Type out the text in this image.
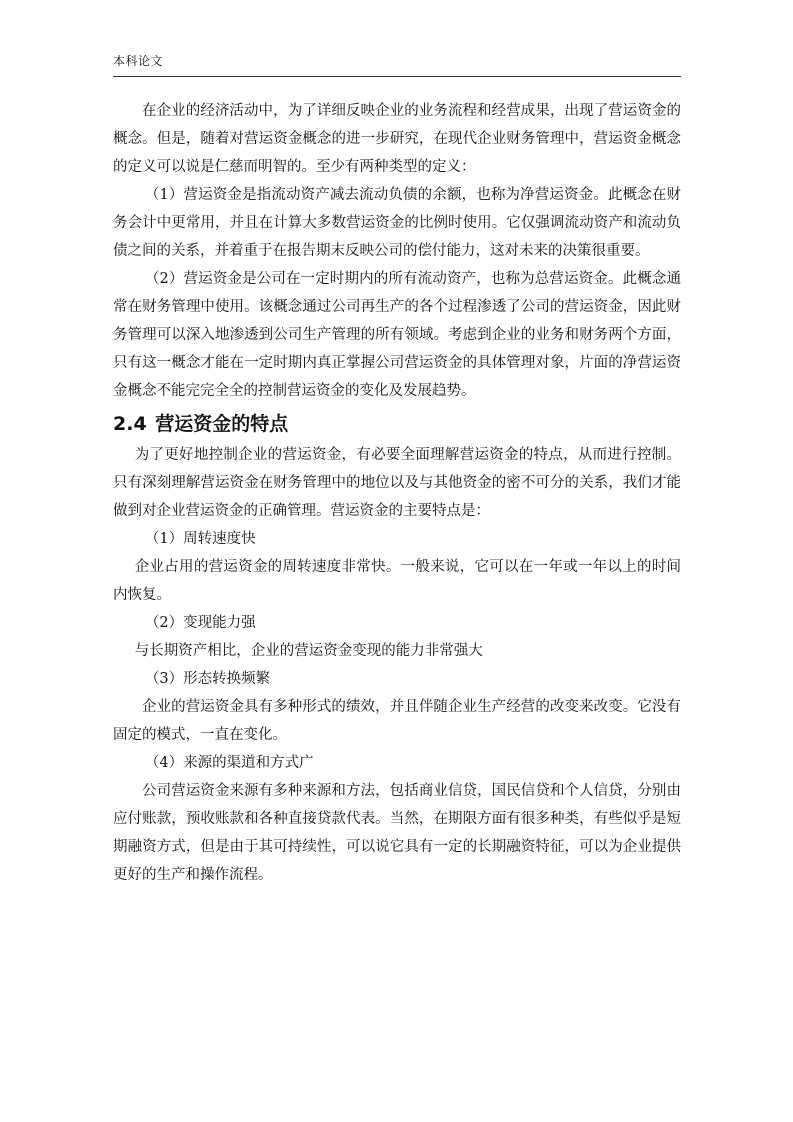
本科论文

在企业的经济活动中，为了详细反映企业的业务流程和经营成果，出现了营运资金的概念。但是，随着对营运资金概念的进一步研究，在现代企业财务管理中，营运资金概念的定义可以说是仁慈而明智的。至少有两种类型的定义：

（1）营运资金是指流动资产减去流动负债的余额，也称为净营运资金。此概念在财务会计中更常用，并且在计算大多数营运资金的比例时使用。它仅强调流动资产和流动负债之间的关系，并着重于在报告期末反映公司的偿付能力，这对未来的决策很重要。

（2）营运资金是公司在一定时期内的所有流动资产，也称为总营运资金。此概念通常在财务管理中使用。该概念通过公司再生产的各个过程渗透了公司的营运资金，因此财务管理可以深入地渗透到公司生产管理的所有领域。考虑到企业的业务和财务两个方面，只有这一概念才能在一定时期内真正掌握公司营运资金的具体管理对象，片面的净营运资金概念不能完完全全的控制营运资金的变化及发展趋势。

2.4 营运资金的特点

为了更好地控制企业的营运资金，有必要全面理解营运资金的特点，从而进行控制。只有深刻理解营运资金在财务管理中的地位以及与其他资金的密不可分的关系，我们才能做到对企业营运资金的正确管理。营运资金的主要特点是：

（1）周转速度快

企业占用的营运资金的周转速度非常快。一般来说，它可以在一年或一年以上的时间内恢复。

（2）变现能力强

与长期资产相比，企业的营运资金变现的能力非常强大

（3）形态转换频繁

企业的营运资金具有多种形式的绩效，并且伴随企业生产经营的改变来改变。它没有固定的模式，一直在变化。

（4）来源的渠道和方式广

公司营运资金来源有多种来源和方法，包括商业信贷，国民信贷和个人信贷，分别由应付账款，预收账款和各种直接贷款代表。当然，在期限方面有很多种类，有些似乎是短期融资方式，但是由于其可持续性，可以说它具有一定的长期融资特征，可以为企业提供更好的生产和操作流程。
